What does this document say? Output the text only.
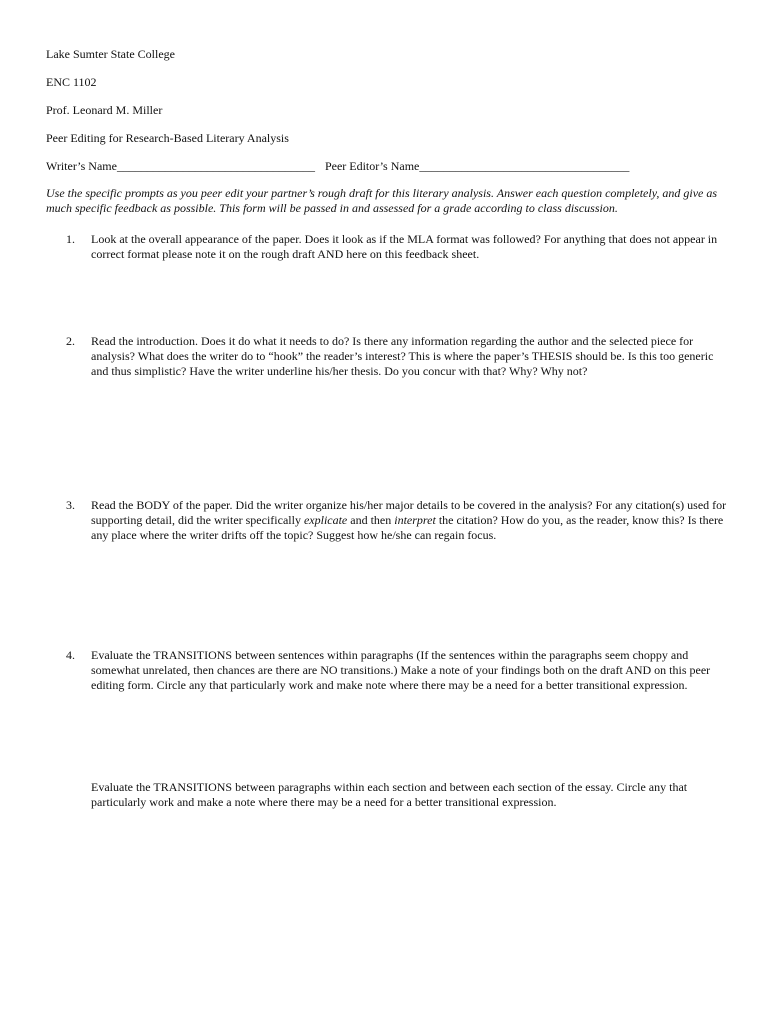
Lake Sumter State College
ENC 1102
Prof. Leonard M. Miller
Peer Editing for Research-Based Literary Analysis
Writer’s Name_________________________________ Peer Editor’s Name___________________________________
Use the specific prompts as you peer edit your partner’s rough draft for this literary analysis. Answer each question completely, and give as much specific feedback as possible. This form will be passed in and assessed for a grade according to class discussion.
1.	Look at the overall appearance of the paper. Does it look as if the MLA format was followed? For anything that does not appear in correct format please note it on the rough draft AND here on this feedback sheet.
2.	Read the introduction. Does it do what it needs to do? Is there any information regarding the author and the selected piece for analysis? What does the writer do to “hook” the reader’s interest? This is where the paper’s THESIS should be. Is this too generic and thus simplistic? Have the writer underline his/her thesis. Do you concur with that? Why? Why not?
3.	Read the BODY of the paper. Did the writer organize his/her major details to be covered in the analysis? For any citation(s) used for supporting detail, did the writer specifically explicate and then interpret the citation? How do you, as the reader, know this? Is there any place where the writer drifts off the topic? Suggest how he/she can regain focus.
4.	Evaluate the TRANSITIONS between sentences within paragraphs (If the sentences within the paragraphs seem choppy and somewhat unrelated, then chances are there are NO transitions.) Make a note of your findings both on the draft AND on this peer editing form. Circle any that particularly work and make note where there may be a need for a better transitional expression.
Evaluate the TRANSITIONS between paragraphs within each section and between each section of the essay. Circle any that particularly work and make a note where there may be a need for a better transitional expression.
